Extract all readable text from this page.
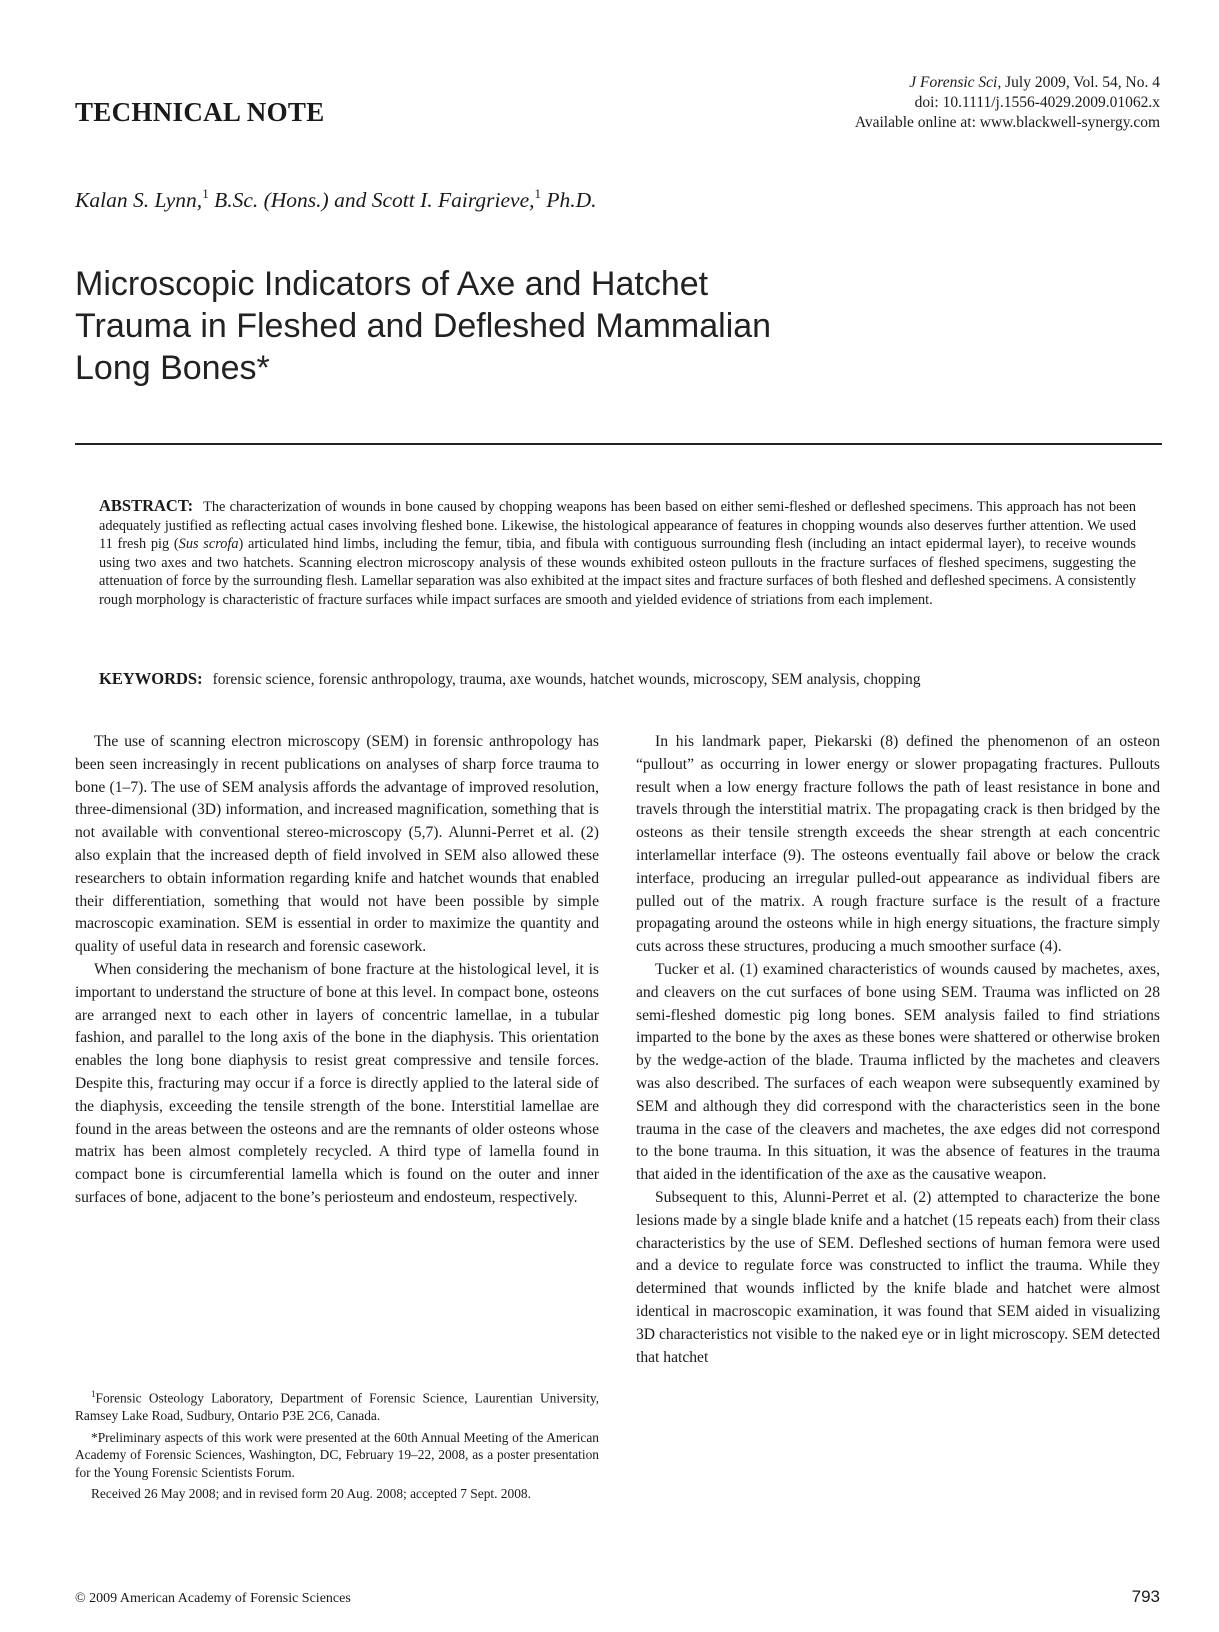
TECHNICAL NOTE
J Forensic Sci, July 2009, Vol. 54, No. 4
doi: 10.1111/j.1556-4029.2009.01062.x
Available online at: www.blackwell-synergy.com
Kalan S. Lynn,$^1$ B.Sc. (Hons.) and Scott I. Fairgrieve,$^1$ Ph.D.
Microscopic Indicators of Axe and Hatchet
Trauma in Fleshed and Defleshed Mammalian
Long Bones*
ABSTRACT: The characterization of wounds in bone caused by chopping weapons has been based on either semi-fleshed or defleshed specimens. This approach has not been adequately justified as reflecting actual cases involving fleshed bone. Likewise, the histological appearance of features in chopping wounds also deserves further attention. We used 11 fresh pig (Sus scrofa) articulated hind limbs, including the femur, tibia, and fibula with contiguous surrounding flesh (including an intact epidermal layer), to receive wounds using two axes and two hatchets. Scanning electron microscopy analysis of these wounds exhibited osteon pullouts in the fracture surfaces of fleshed specimens, suggesting the attenuation of force by the surrounding flesh. Lamellar separation was also exhibited at the impact sites and fracture surfaces of both fleshed and defleshed specimens. A consistently rough morphology is characteristic of fracture surfaces while impact surfaces are smooth and yielded evidence of striations from each implement.
KEYWORDS: forensic science, forensic anthropology, trauma, axe wounds, hatchet wounds, microscopy, SEM analysis, chopping

The use of scanning electron microscopy (SEM) in forensic anthropology has been seen increasingly in recent publications on analyses of sharp force trauma to bone (1–7). The use of SEM analysis affords the advantage of improved resolution, three-dimensional (3D) information, and increased magnification, something that is not available with conventional stereo-microscopy (5,7). Alunni-Perret et al. (2) also explain that the increased depth of field involved in SEM also allowed these researchers to obtain information regarding knife and hatchet wounds that enabled their differentiation, something that would not have been possible by simple macroscopic examination. SEM is essential in order to maximize the quantity and quality of useful data in research and forensic casework.

When considering the mechanism of bone fracture at the histological level, it is important to understand the structure of bone at this level. In compact bone, osteons are arranged next to each other in layers of concentric lamellae, in a tubular fashion, and parallel to the long axis of the bone in the diaphysis. This orientation enables the long bone diaphysis to resist great compressive and tensile forces. Despite this, fracturing may occur if a force is directly applied to the lateral side of the diaphysis, exceeding the tensile strength of the bone. Interstitial lamellae are found in the areas between the osteons and are the remnants of older osteons whose matrix has been almost completely recycled. A third type of lamella found in compact bone is circumferential lamella which is found on the outer and inner surfaces of bone, adjacent to the bone’s periosteum and endosteum, respectively.

In his landmark paper, Piekarski (8) defined the phenomenon of an osteon “pullout” as occurring in lower energy or slower propagating fractures. Pullouts result when a low energy fracture follows the path of least resistance in bone and travels through the interstitial matrix. The propagating crack is then bridged by the osteons as their tensile strength exceeds the shear strength at each concentric interlamellar interface (9). The osteons eventually fail above or below the crack interface, producing an irregular pulled-out appearance as individual fibers are pulled out of the matrix. A rough fracture surface is the result of a fracture propagating around the osteons while in high energy situations, the fracture simply cuts across these structures, producing a much smoother surface (4).

Tucker et al. (1) examined characteristics of wounds caused by machetes, axes, and cleavers on the cut surfaces of bone using SEM. Trauma was inflicted on 28 semi-fleshed domestic pig long bones. SEM analysis failed to find striations imparted to the bone by the axes as these bones were shattered or otherwise broken by the wedge-action of the blade. Trauma inflicted by the machetes and cleavers was also described. The surfaces of each weapon were subsequently examined by SEM and although they did correspond with the characteristics seen in the bone trauma in the case of the cleavers and machetes, the axe edges did not correspond to the bone trauma. In this situation, it was the absence of features in the trauma that aided in the identification of the axe as the causative weapon.

Subsequent to this, Alunni-Perret et al. (2) attempted to characterize the bone lesions made by a single blade knife and a hatchet (15 repeats each) from their class characteristics by the use of SEM. Defleshed sections of human femora were used and a device to regulate force was constructed to inflict the trauma. While they determined that wounds inflicted by the knife blade and hatchet were almost identical in macroscopic examination, it was found that SEM aided in visualizing 3D characteristics not visible to the naked eye or in light microscopy. SEM detected that hatchet

$^1$Forensic Osteology Laboratory, Department of Forensic Science, Laurentian University, Ramsey Lake Road, Sudbury, Ontario P3E 2C6, Canada.

*Preliminary aspects of this work were presented at the 60th Annual Meeting of the American Academy of Forensic Sciences, Washington, DC, February 19–22, 2008, as a poster presentation for the Young Forensic Scientists Forum.

Received 26 May 2008; and in revised form 20 Aug. 2008; accepted 7 Sept. 2008.

© 2009 American Academy of Forensic Sciences	793
